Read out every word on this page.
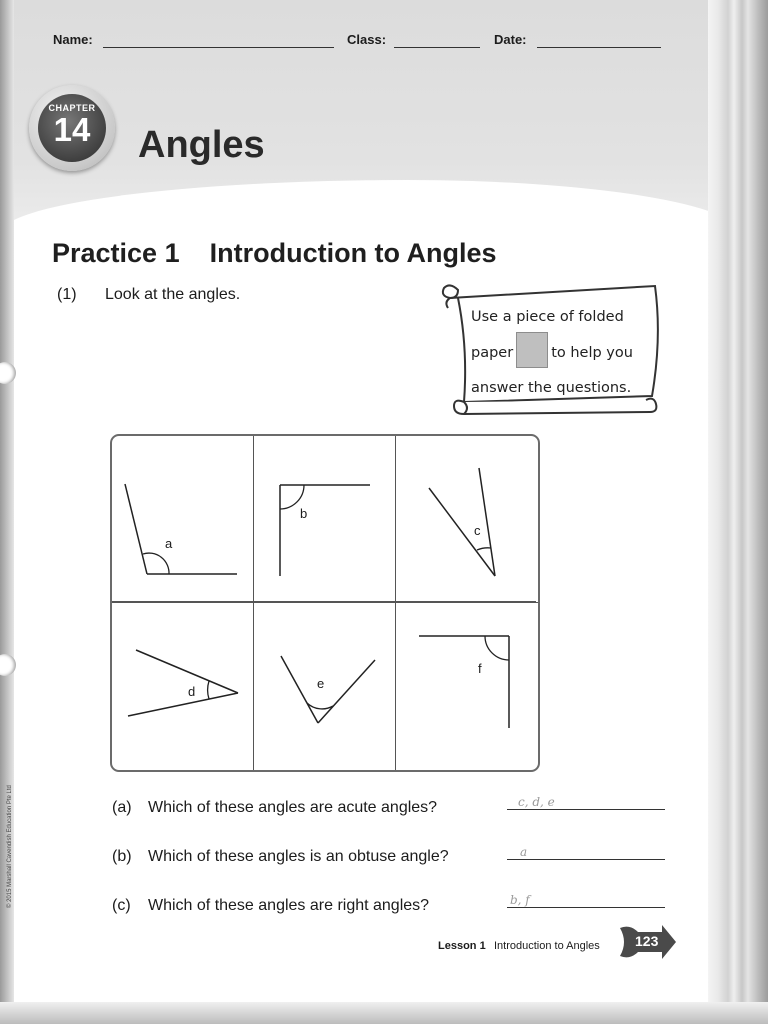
© 2015 Marshall Cavendish Education Pte Ltd
Name:	Class:	Date:
CHAPTER
14	Angles
Practice 1 Introduction to Angles
(1) Look at the angles.
Use a piece of folded
paper	to help you
answer the questions.
a
b
c
d
e
f
(a) Which of these angles are acute angles?	c, d, e
(b) Which of these angles is an obtuse angle?	a
(c) Which of these angles are right angles?	b, f
Lesson 1 Introduction to Angles	123
